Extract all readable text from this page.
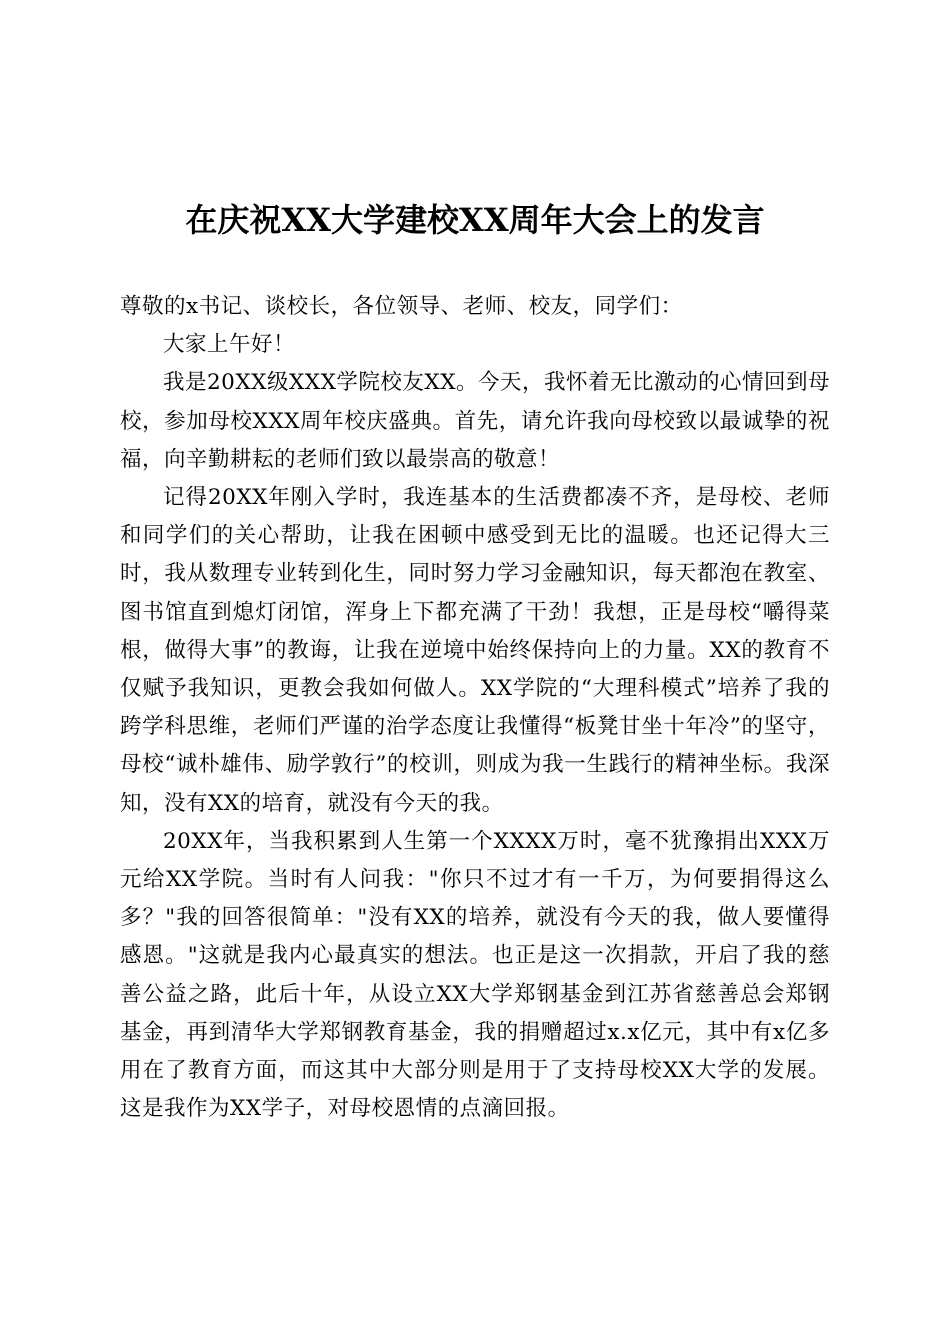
在庆祝XX大学建校XX周年大会上的发言

尊敬的x书记、谈校长，各位领导、老师、校友，同学们：

大家上午好！

我是20XX级XXX学院校友XX。今天，我怀着无比激动的心情回到母校，参加母校XXX周年校庆盛典。首先，请允许我向母校致以最诚挚的祝福，向辛勤耕耘的老师们致以最崇高的敬意！

记得20XX年刚入学时，我连基本的生活费都凑不齐，是母校、老师和同学们的关心帮助，让我在困顿中感受到无比的温暖。也还记得大三时，我从数理专业转到化生，同时努力学习金融知识，每天都泡在教室、图书馆直到熄灯闭馆，浑身上下都充满了干劲！我想，正是母校“嚼得菜根，做得大事”的教诲，让我在逆境中始终保持向上的力量。XX的教育不仅赋予我知识，更教会我如何做人。XX学院的“大理科模式”培养了我的跨学科思维，老师们严谨的治学态度让我懂得“板凳甘坐十年冷”的坚守，母校“诚朴雄伟、励学敦行”的校训，则成为我一生践行的精神坐标。我深知，没有XX的培育，就没有今天的我。

20XX年，当我积累到人生第一个XXXX万时，毫不犹豫捐出XXX万元给XX学院。当时有人问我："你只不过才有一千万，为何要捐得这么多？"我的回答很简单："没有XX的培养，就没有今天的我，做人要懂得感恩。"这就是我内心最真实的想法。也正是这一次捐款，开启了我的慈善公益之路，此后十年，从设立XX大学郑钢基金到江苏省慈善总会郑钢基金，再到清华大学郑钢教育基金，我的捐赠超过x.x亿元，其中有x亿多用在了教育方面，而这其中大部分则是用于了支持母校XX大学的发展。这是我作为XX学子，对母校恩情的点滴回报。
